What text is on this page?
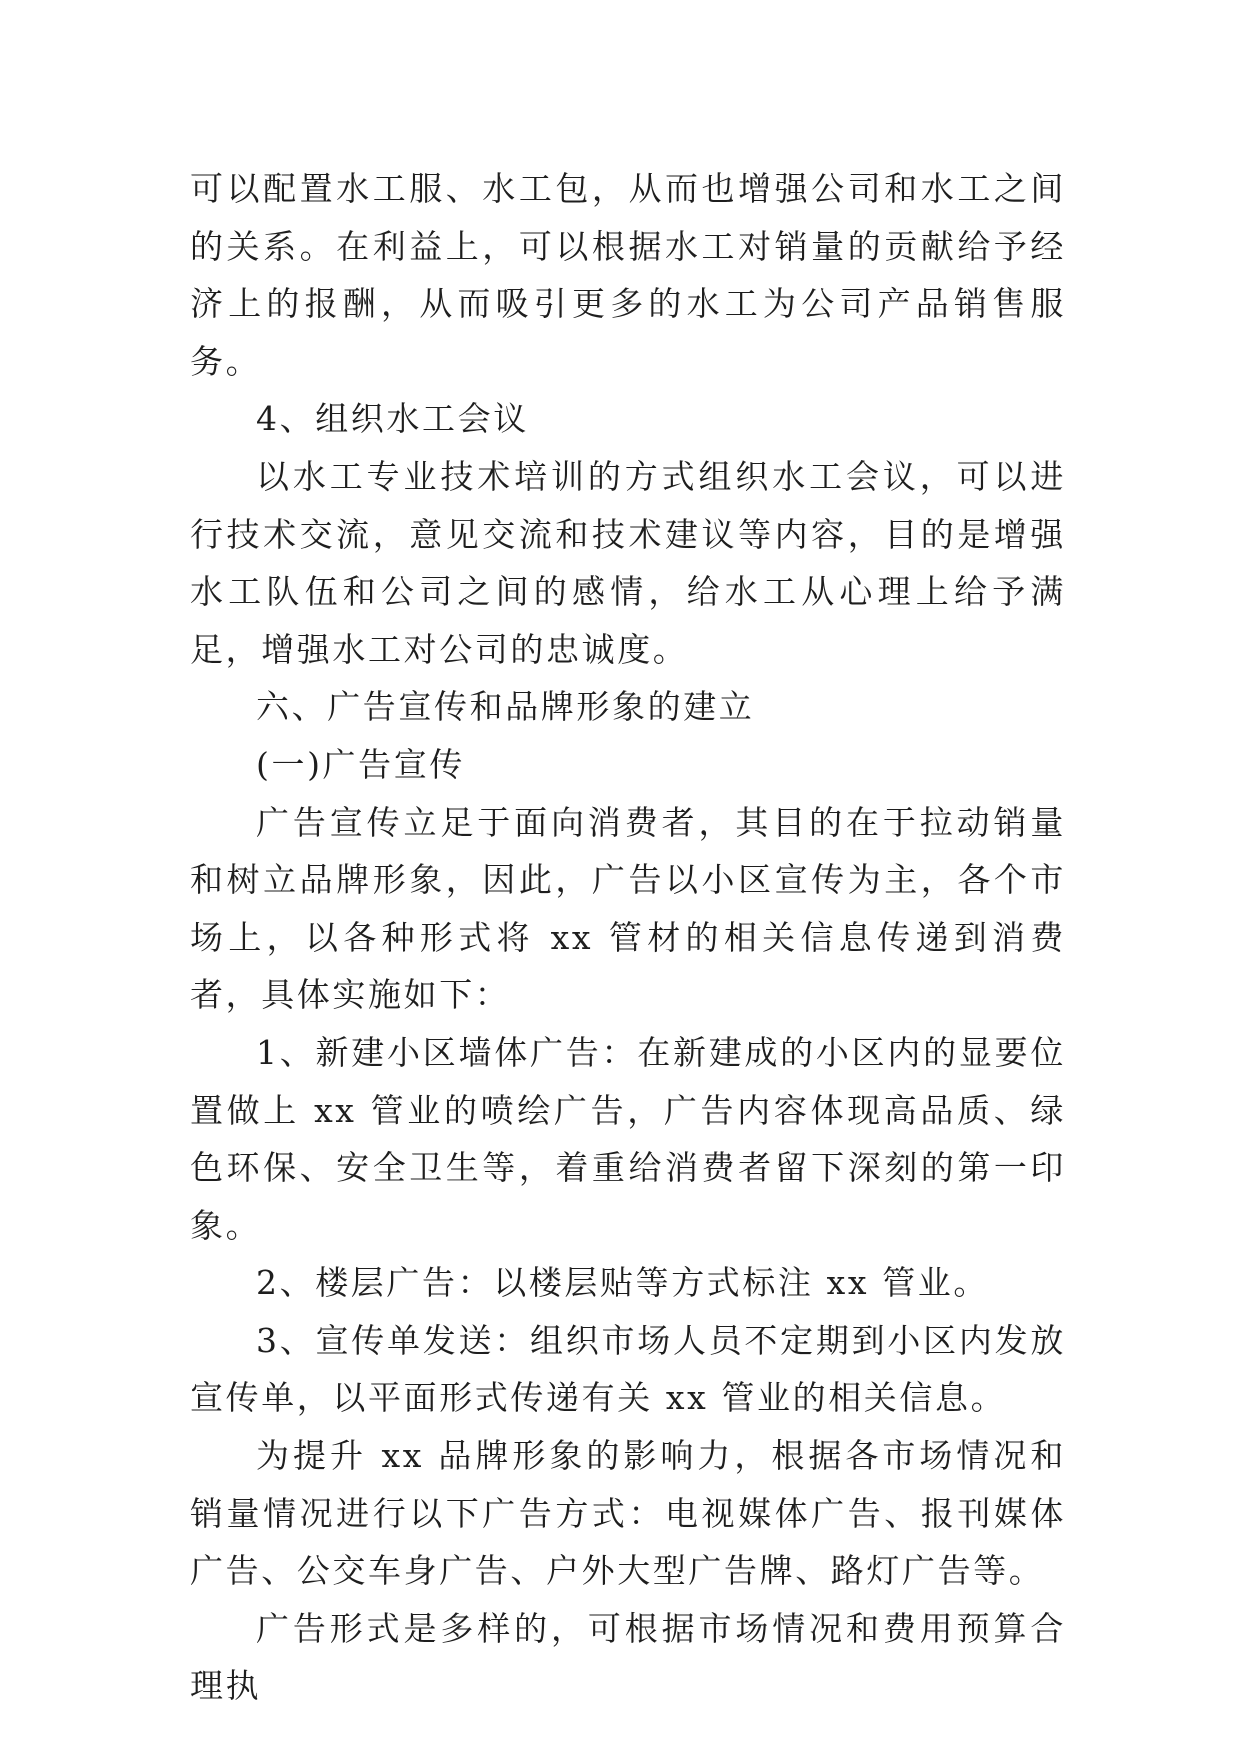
可以配置水工服、水工包，从而也增强公司和水工之间的关系。在利益上，可以根据水工对销量的贡献给予经济上的报酬，从而吸引更多的水工为公司产品销售服务。

4、组织水工会议

以水工专业技术培训的方式组织水工会议，可以进行技术交流，意见交流和技术建议等内容，目的是增强水工队伍和公司之间的感情，给水工从心理上给予满足，增强水工对公司的忠诚度。

六、广告宣传和品牌形象的建立

(一)广告宣传

广告宣传立足于面向消费者，其目的在于拉动销量和树立品牌形象，因此，广告以小区宣传为主，各个市场上，以各种形式将 xx 管材的相关信息传递到消费者，具体实施如下：

1、新建小区墙体广告：在新建成的小区内的显要位置做上 xx 管业的喷绘广告，广告内容体现高品质、绿色环保、安全卫生等，着重给消费者留下深刻的第一印象。

2、楼层广告：以楼层贴等方式标注 xx 管业。

3、宣传单发送：组织市场人员不定期到小区内发放宣传单，以平面形式传递有关 xx 管业的相关信息。

为提升 xx 品牌形象的影响力，根据各市场情况和销量情况进行以下广告方式：电视媒体广告、报刊媒体广告、公交车身广告、户外大型广告牌、路灯广告等。

广告形式是多样的，可根据市场情况和费用预算合理执
